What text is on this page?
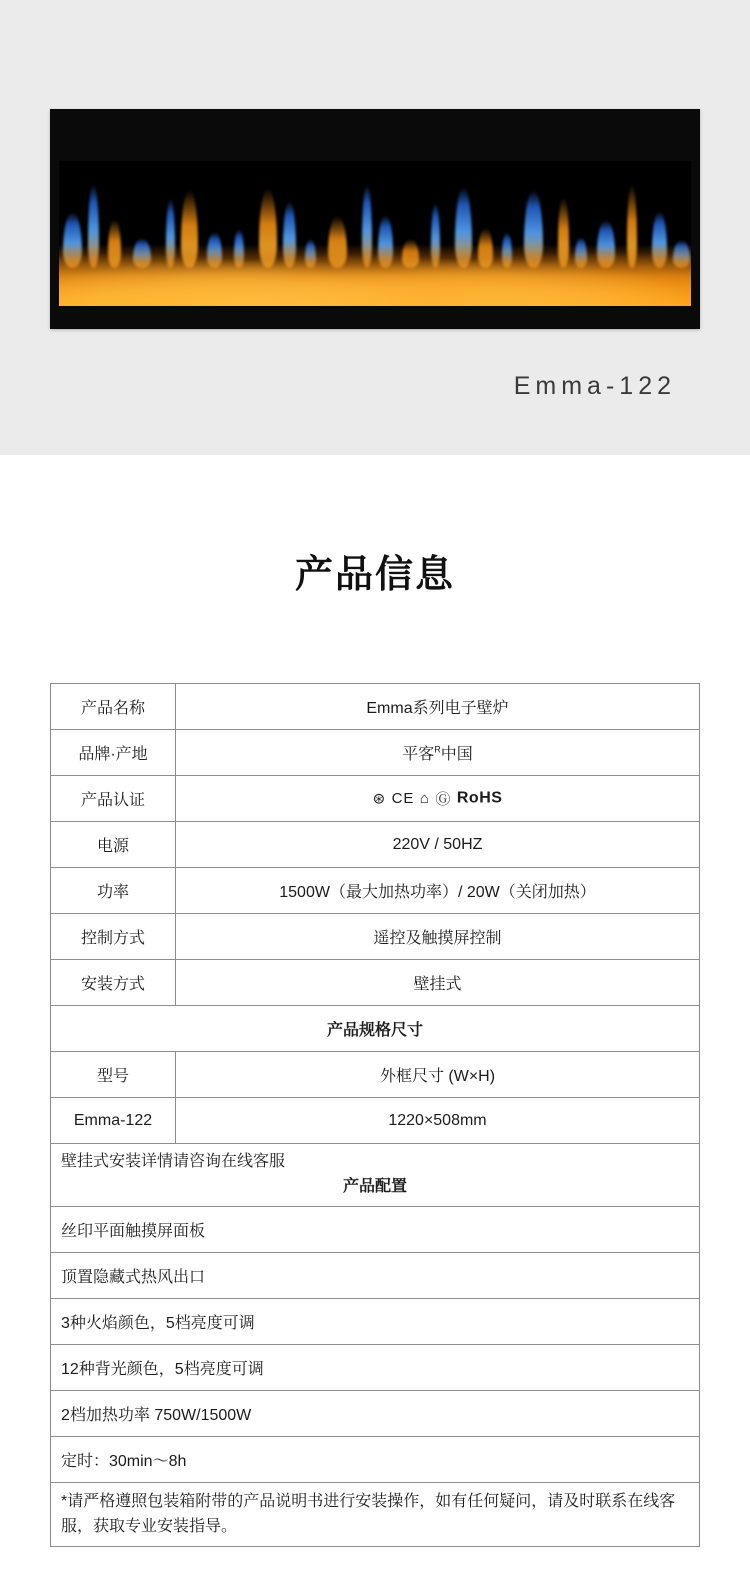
Emma-122
产品信息
产品名称	Emma系列电子壁炉
品牌·产地	平客$^R$中国
产品认证	⊛ CE ⌂ Ⓖ RoHS
电源	220V / 50HZ
功率	1500W（最大加热功率）/ 20W（关闭加热）
控制方式	遥控及触摸屏控制
安装方式	壁挂式
产品规格尺寸	
型号	外框尺寸 (W×H)
Emma-122	1220×508mm
壁挂式安装详情请咨询在线客服
产品配置	

丝印平面触摸屏面板	
顶置隐藏式热风出口	
3种火焰颜色，5档亮度可调	
12种背光颜色，5档亮度可调	
2档加热功率 750W/1500W	
定时：30min～8h	
*请严格遵照包装箱附带的产品说明书进行安装操作，如有任何疑问，请及时联系在线客服，获取专业安装指导。	
